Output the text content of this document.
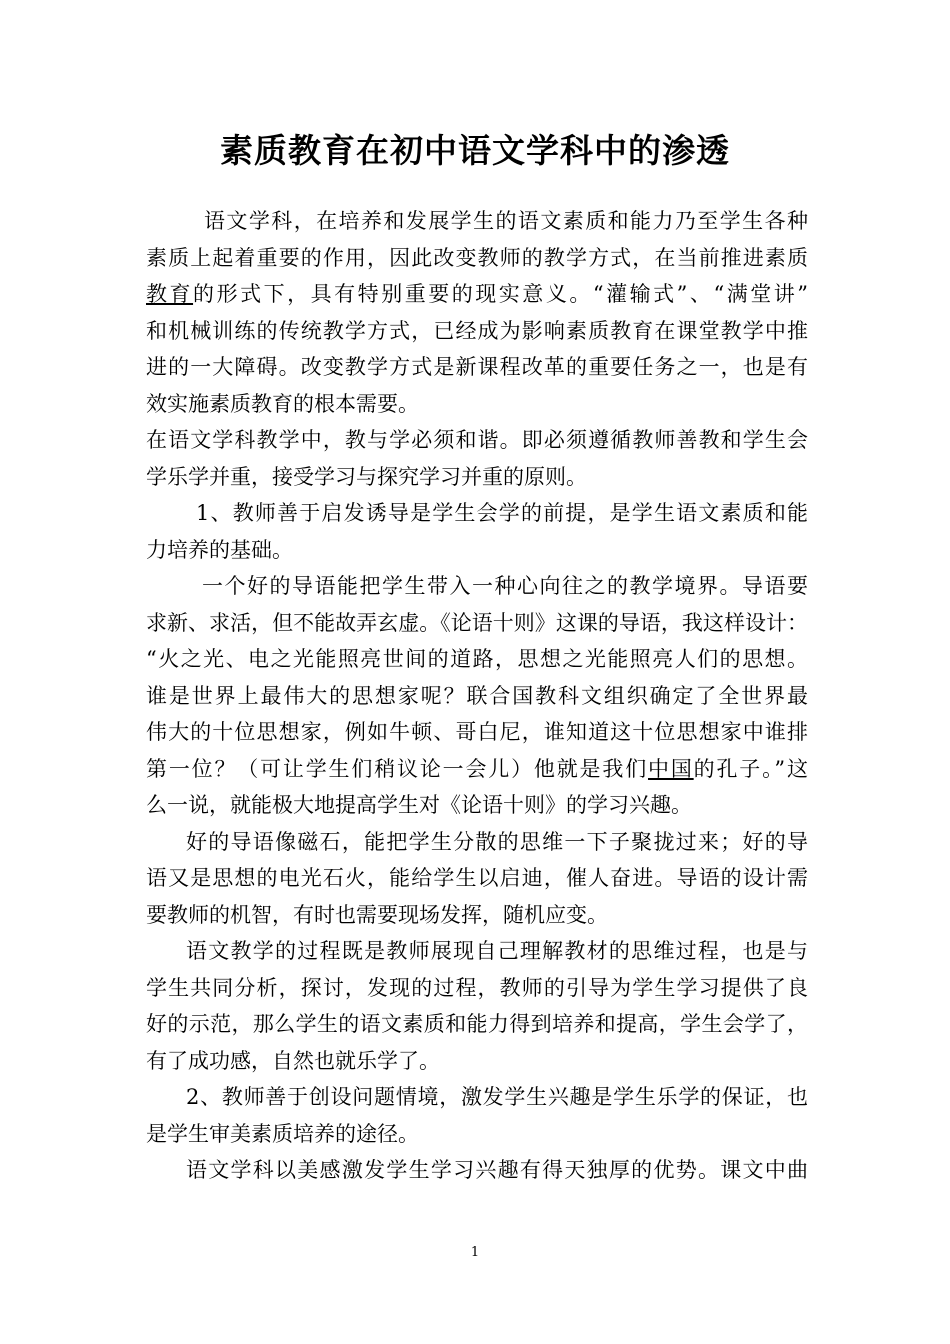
素质教育在初中语文学科中的渗透
语文学科，在培养和发展学生的语文素质和能力乃至学生各种
素质上起着重要的作用，因此改变教师的教学方式，在当前推进素质
教育的形式下，具有特别重要的现实意义。“灌输式”、“满堂讲”
和机械训练的传统教学方式，已经成为影响素质教育在课堂教学中推
进的一大障碍。改变教学方式是新课程改革的重要任务之一，也是有
效实施素质教育的根本需要。
在语文学科教学中，教与学必须和谐。即必须遵循教师善教和学生会
学乐学并重，接受学习与探究学习并重的原则。
1、教师善于启发诱导是学生会学的前提，是学生语文素质和能
力培养的基础。
一个好的导语能把学生带入一种心向往之的教学境界。导语要
求新、求活，但不能故弄玄虚。《论语十则》这课的导语，我这样设计：
“火之光、电之光能照亮世间的道路，思想之光能照亮人们的思想。
谁是世界上最伟大的思想家呢？联合国教科文组织确定了全世界最
伟大的十位思想家，例如牛顿、哥白尼，谁知道这十位思想家中谁排
第一位？（可让学生们稍议论一会儿）他就是我们中国的孔子。”这
么一说，就能极大地提高学生对《论语十则》的学习兴趣。
好的导语像磁石，能把学生分散的思维一下子聚拢过来；好的导
语又是思想的电光石火，能给学生以启迪，催人奋进。导语的设计需
要教师的机智，有时也需要现场发挥，随机应变。
语文教学的过程既是教师展现自己理解教材的思维过程，也是与
学生共同分析，探讨，发现的过程，教师的引导为学生学习提供了良
好的示范，那么学生的语文素质和能力得到培养和提高，学生会学了，
有了成功感，自然也就乐学了。
2、教师善于创设问题情境，激发学生兴趣是学生乐学的保证，也
是学生审美素质培养的途径。
语文学科以美感激发学生学习兴趣有得天独厚的优势。课文中曲
1
